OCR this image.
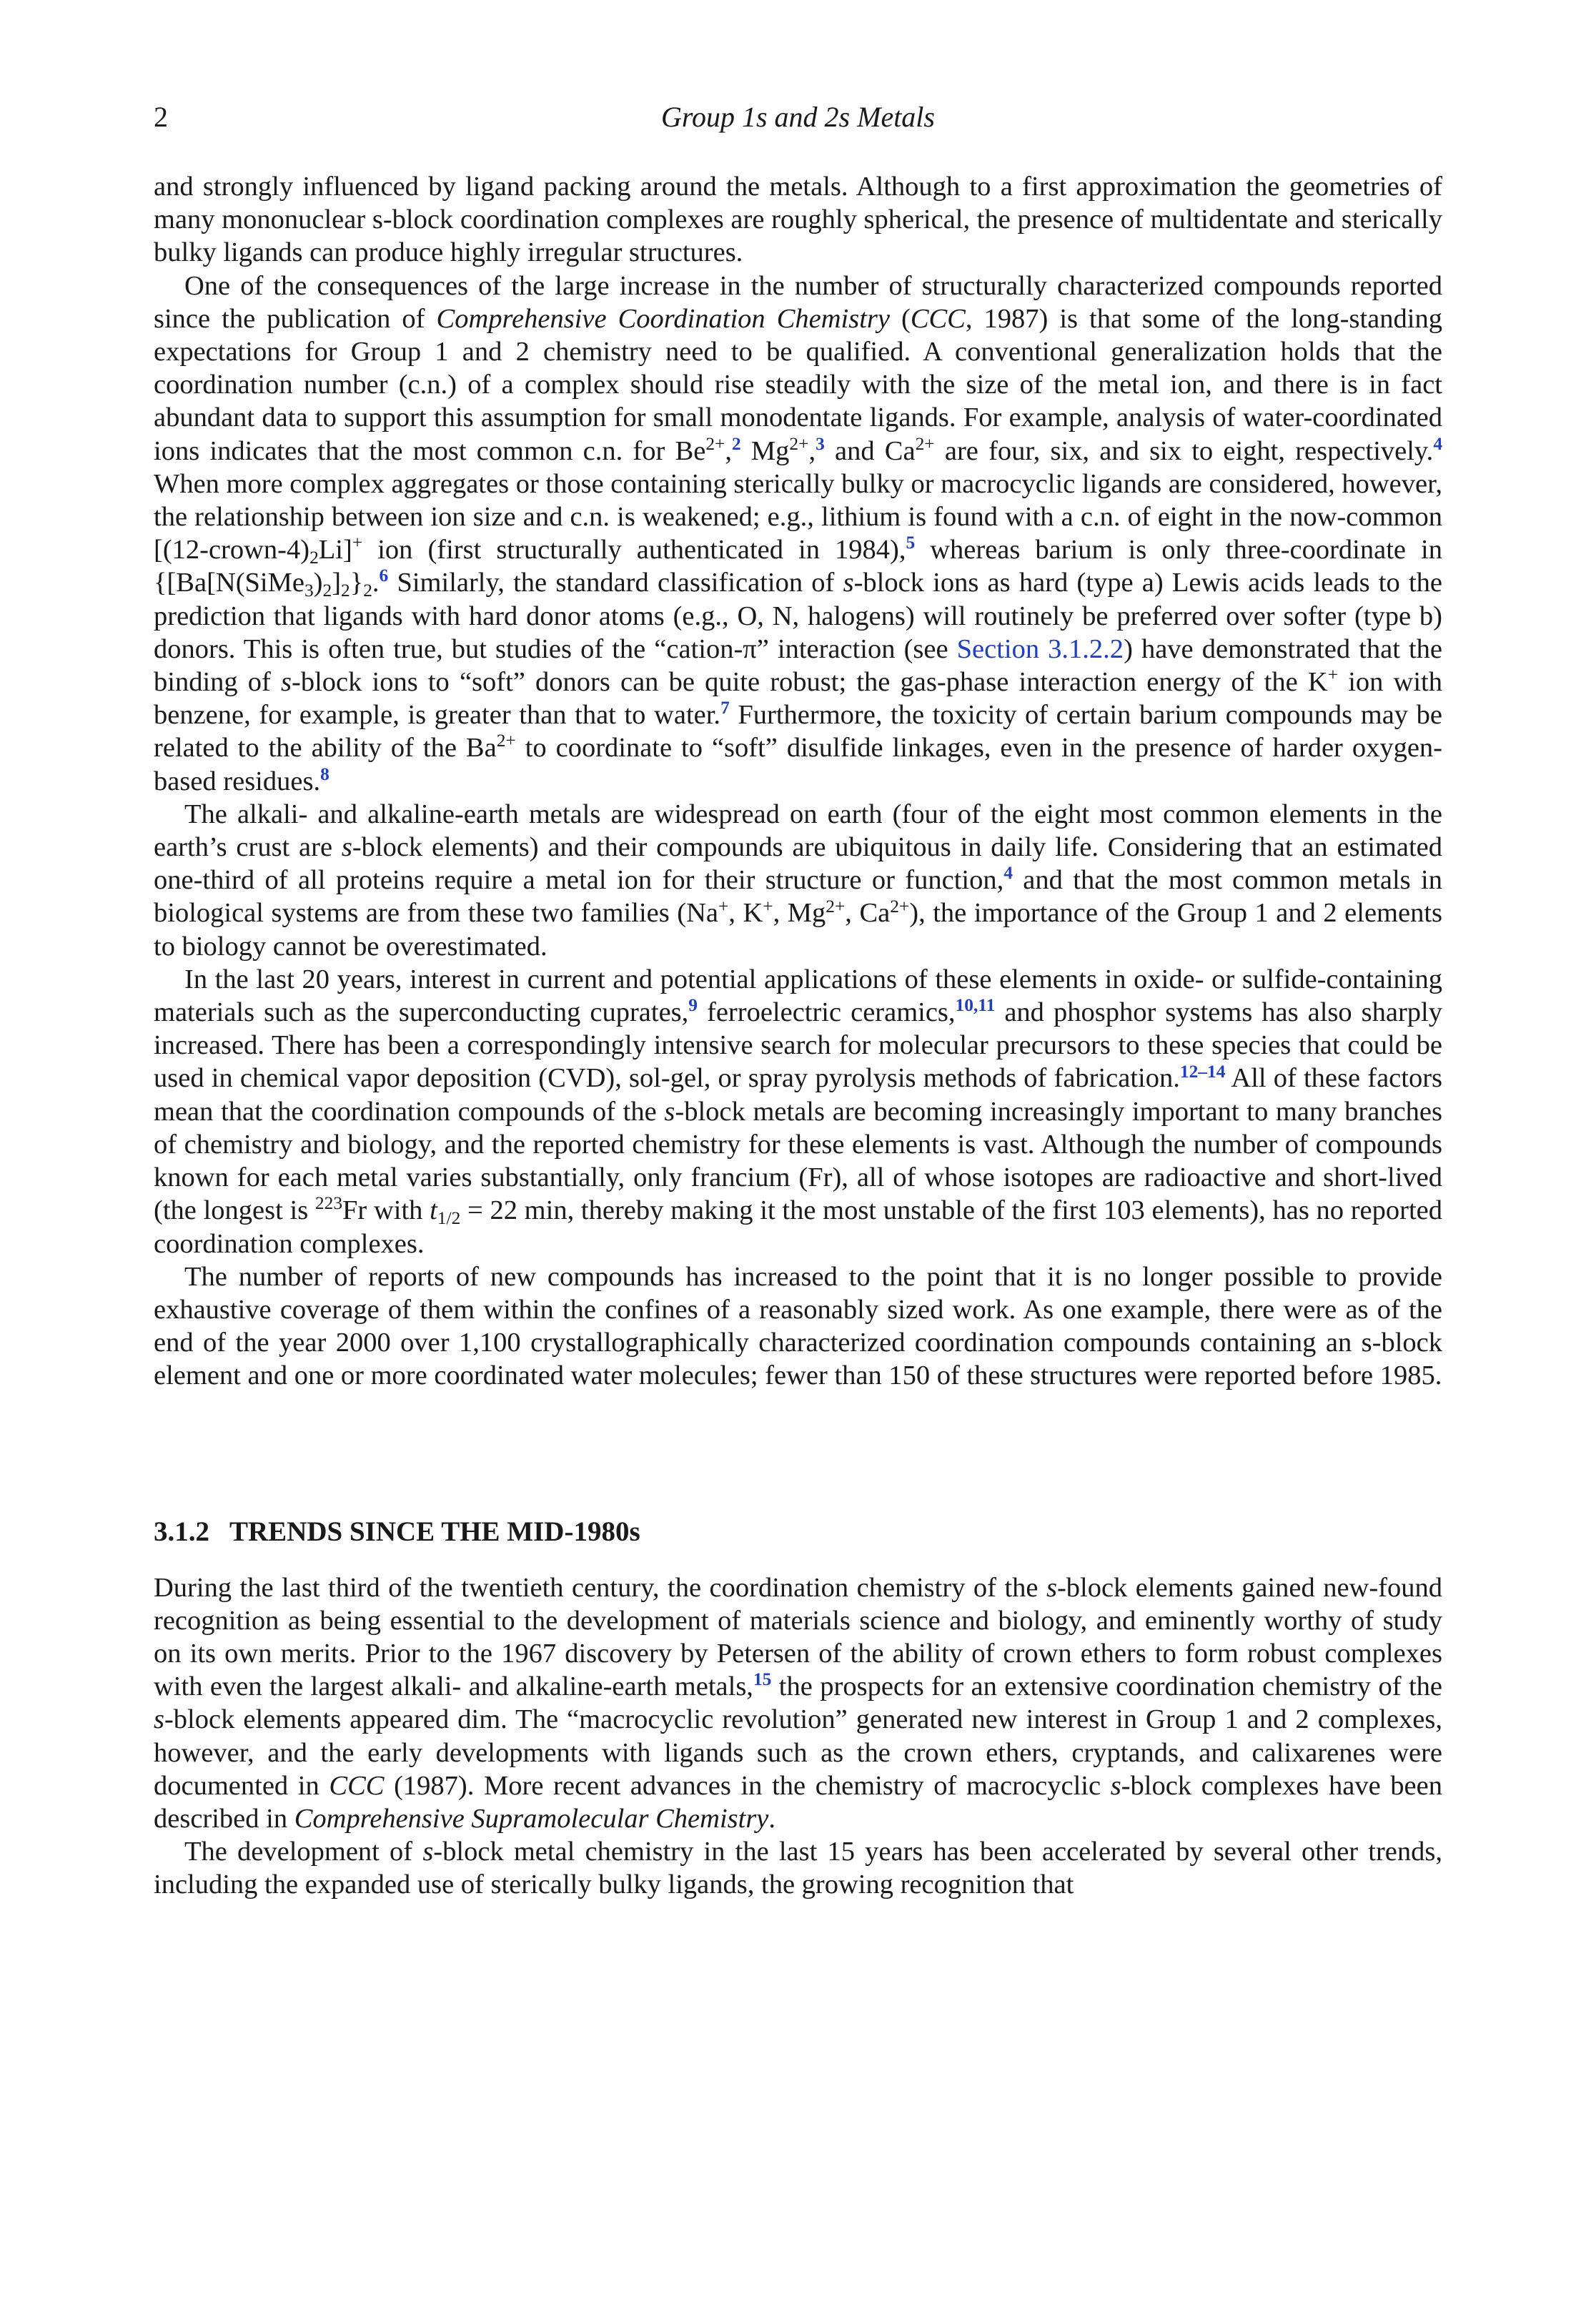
2	Group 1s and 2s Metals

and strongly influenced by ligand packing around the metals. Although to a first approximation the geometries of many mononuclear s-block coordination complexes are roughly spherical, the presence of multidentate and sterically bulky ligands can produce highly irregular structures.

One of the consequences of the large increase in the number of structurally characterized compounds reported since the publication of Comprehensive Coordination Chemistry (CCC, 1987) is that some of the long-standing expectations for Group 1 and 2 chemistry need to be qualified. A conventional generalization holds that the coordination number (c.n.) of a complex should rise steadily with the size of the metal ion, and there is in fact abundant data to support this assumption for small monodentate ligands. For example, analysis of water-coordinated ions indicates that the most common c.n. for $Be^{2+},^2$ $Mg^{2+},^3$ and $Ca^{2+}$ are four, six, and six to eight, respectively.$^4$ When more complex aggregates or those containing sterically bulky or macrocyclic ligands are considered, however, the relationship between ion size and c.n. is weakened; e.g., lithium is found with a c.n. of eight in the now-common $[(12-crown-4)_2Li]^+$ ion (first structurally authenticated in 1984),$^5$ whereas barium is only three-coordinate in {$[Ba[N(SiMe_3)_2]_2\}_2.^6$ Similarly, the standard classification of s-block ions as hard (type a) Lewis acids leads to the prediction that ligands with hard donor atoms (e.g., O, N, halogens) will routinely be preferred over softer (type b) donors. This is often true, but studies of the “cation-π” interaction (see Section 3.1.2.2) have demonstrated that the binding of s-block ions to “soft” donors can be quite robust; the gas-phase interaction energy of the K+ ion with benzene, for example, is greater than that to water.$^7$ Furthermore, the toxicity of certain barium compounds may be related to the ability of the $Ba^{2+}$ to coordinate to “soft” disulfide linkages, even in the presence of harder oxygen-based residues.$^8$

The alkali- and alkaline-earth metals are widespread on earth (four of the eight most common elements in the earth’s crust are s-block elements) and their compounds are ubiquitous in daily life. Considering that an estimated one-third of all proteins require a metal ion for their structure or function,$^4$ and that the most common metals in biological systems are from these two families (Na+, K+, $Mg^{2+}$, $Ca^{2+}$), the importance of the Group 1 and 2 elements to biology cannot be overestimated.

In the last 20 years, interest in current and potential applications of these elements in oxide- or sulfide-containing materials such as the superconducting cuprates,$^9$ ferroelectric ceramics,$^{10,11}$ and phosphor systems has also sharply increased. There has been a correspondingly intensive search for molecular precursors to these species that could be used in chemical vapor deposition (CVD), sol-gel, or spray pyrolysis methods of fabrication.$^{12-14}$ All of these factors mean that the coordination compounds of the s-block metals are becoming increasingly important to many branches of chemistry and biology, and the reported chemistry for these elements is vast. Although the number of compounds known for each metal varies substantially, only francium (Fr), all of whose isotopes are radioactive and short-lived (the longest is $^{223}$Fr with $t_{1/2} = 22$ min, thereby making it the most unstable of the first 103 elements), has no reported coordination complexes.

The number of reports of new compounds has increased to the point that it is no longer possible to provide exhaustive coverage of them within the confines of a reasonably sized work. As one example, there were as of the end of the year 2000 over 1,100 crystallographically characterized coordination compounds containing an s-block element and one or more coordinated water molecules; fewer than 150 of these structures were reported before 1985.

3.1.2 TRENDS SINCE THE MID-1980s

During the last third of the twentieth century, the coordination chemistry of the s-block elements gained new-found recognition as being essential to the development of materials science and biology, and eminently worthy of study on its own merits. Prior to the 1967 discovery by Petersen of the ability of crown ethers to form robust complexes with even the largest alkali- and alkaline-earth metals,$^{15}$ the prospects for an extensive coordination chemistry of the s-block elements appeared dim. The “macrocyclic revolution” generated new interest in Group 1 and 2 complexes, however, and the early developments with ligands such as the crown ethers, cryptands, and calixarenes were documented in CCC (1987). More recent advances in the chemistry of macrocyclic s-block complexes have been described in Comprehensive Supramolecular Chemistry.

The development of s-block metal chemistry in the last 15 years has been accelerated by several other trends, including the expanded use of sterically bulky ligands, the growing recognition that
